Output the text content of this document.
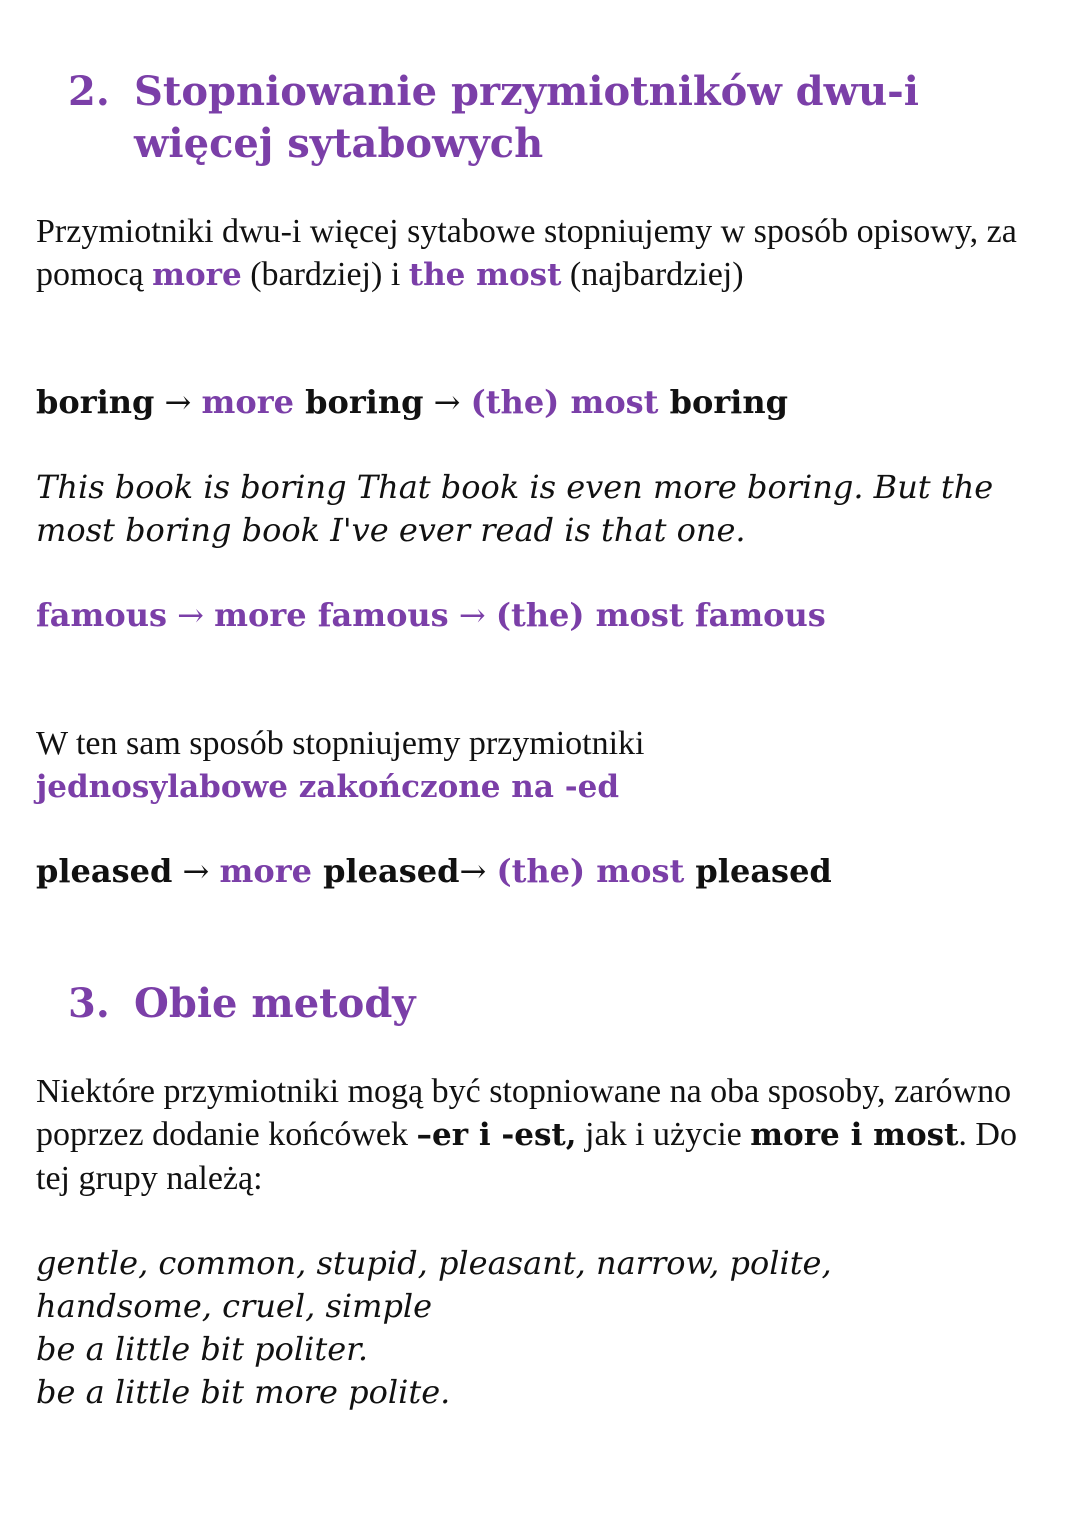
2. Stopniowanie przymiotników dwu-i
więcej sytabowych

Przymiotniki dwu-i więcej sytabowe stopniujemy w sposób opisowy, za pomocą more (bardziej) i the most (najbardziej)

boring → more boring → (the) most boring

This book is boring That book is even more boring. But the most boring book I've ever read is that one.

famous → more famous → (the) most famous

W ten sam sposób stopniujemy przymiotniki
jednosylabowe zakończone na -ed

pleased → more pleased→ (the) most pleased

3. Obie metody

Niektóre przymiotniki mogą być stopniowane na oba sposoby, zarówno poprzez dodanie końcówek –er i -est, jak i użycie more i most. Do tej grupy należą:

gentle, common, stupid, pleasant, narrow, polite,
handsome, cruel, simple
be a little bit politer.
be a little bit more polite.
